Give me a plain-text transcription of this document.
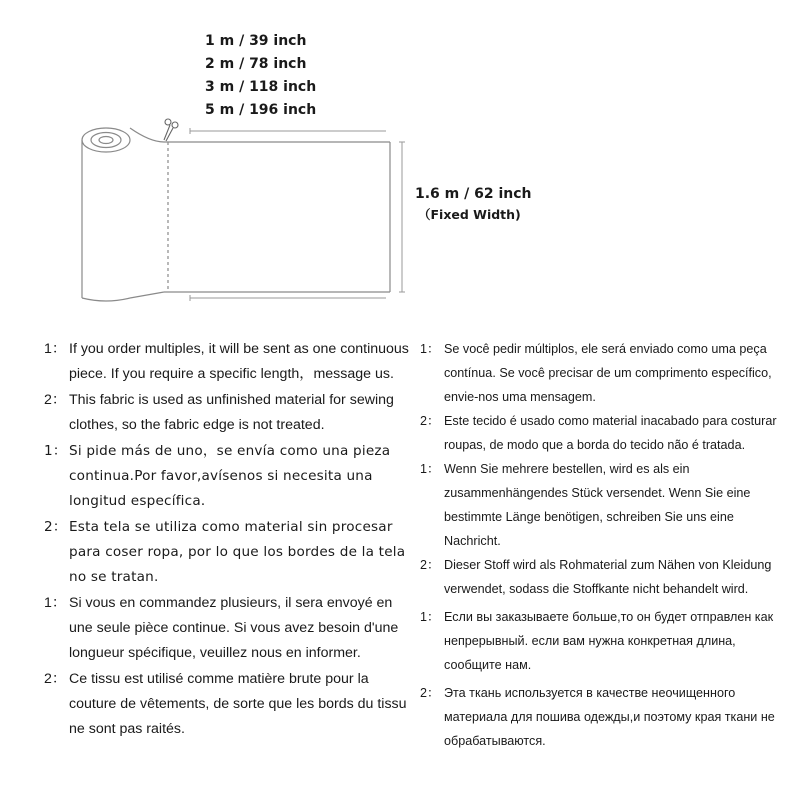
1 m / 39 inch
2 m / 78 inch
3 m / 118 inch
5 m / 196 inch
1.6 m / 62 inch
（Fixed Width)
1： If you order multiples, it will be sent as one continuous piece. If you require a specific length，message us.
2： This fabric is used as unfinished material for sewing clothes, so the fabric edge is not treated.
1： Si pide más de uno，se envía como una pieza continua.Por favor,avísenos si necesita una longitud específica．
2： Esta tela se utiliza como material sin procesar para coser ropa, por lo que los bordes de la tela no se tratan.
1： Si vous en commandez plusieurs, il sera envoyé en une seule pièce continue. Si vous avez besoin d'une longueur spécifique, veuillez nous en informer.
2： Ce tissu est utilisé comme matière brute pour la couture de vêtements, de sorte que les bords du tissu ne sont pas raités.
1： Se você pedir múltiplos, ele será enviado como uma peça contínua. Se você precisar de um comprimento específico, envie-nos uma mensagem.
2： Este tecido é usado como material inacabado para costurar roupas, de modo que a borda do tecido não é tratada.
1： Wenn Sie mehrere bestellen, wird es als ein zusammenhängendes Stück versendet. Wenn Sie eine bestimmte Länge benötigen, schreiben Sie uns eine Nachricht.
2： Dieser Stoff wird als Rohmaterial zum Nähen von Kleidung verwendet, sodass die Stoffkante nicht behandelt wird.
1： Если вы заказываете больше,то он будет отправлен как непрерывный. если вам нужна конкретная длина, сообщите нам.
2： Эта ткань используется в качестве неочищенного материала для пошива одежды,и поэтому края ткани не обрабатываются.
